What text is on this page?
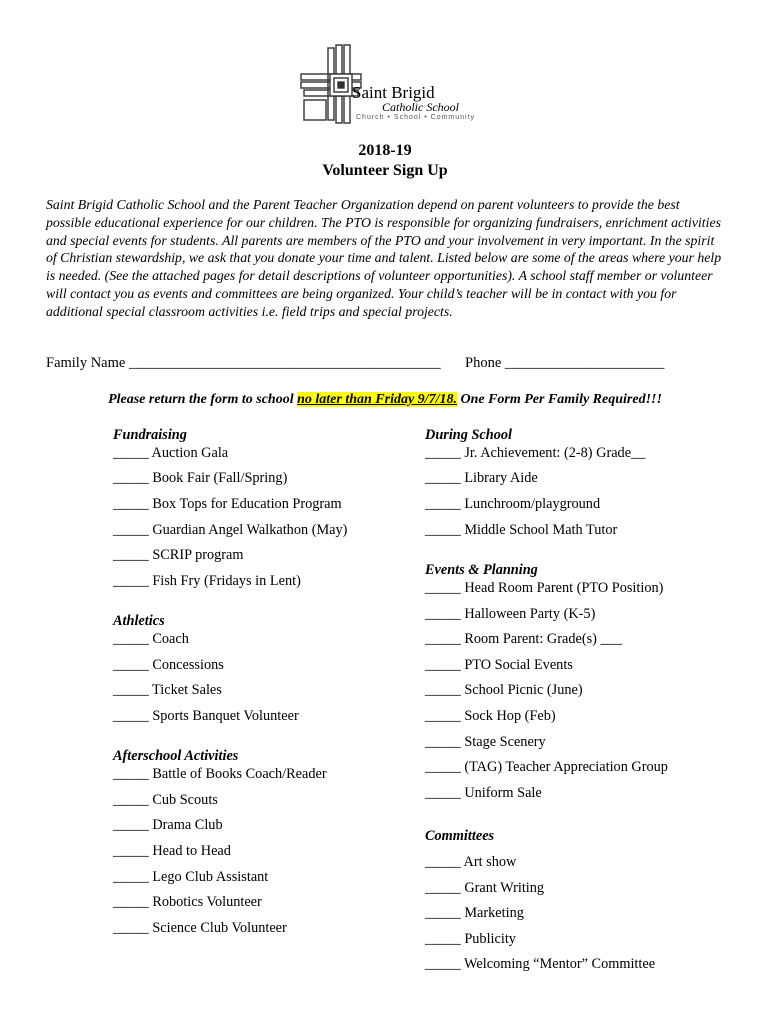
Saint Brigid
Catholic School
Church • School • Community
2018-19
Volunteer Sign Up

Saint Brigid Catholic School and the Parent Teacher Organization depend on parent volunteers to provide the best possible educational experience for our children. The PTO is responsible for organizing fundraisers, enrichment activities and special events for students. All parents are members of the PTO and your involvement in very important. In the spirit of Christian stewardship, we ask that you donate your time and talent. Listed below are some of the areas where your help is needed. (See the attached pages for detail descriptions of volunteer opportunities). A school staff member or volunteer will contact you as events and committees are being organized. Your child’s teacher will be in contact with you for additional special classroom activities i.e. field trips and special projects.

Family Name ___________________________________________ Phone ______________________
Please return the form to school no later than Friday 9/7/18. One Form Per Family Required!!!
Fundraising
_____ Auction Gala
_____ Book Fair (Fall/Spring)
_____ Box Tops for Education Program
_____ Guardian Angel Walkathon (May)
_____ SCRIP program
_____ Fish Fry (Fridays in Lent)
Athletics
_____ Coach
_____ Concessions
_____ Ticket Sales
_____ Sports Banquet Volunteer
Afterschool Activities
_____ Battle of Books Coach/Reader
_____ Cub Scouts
_____ Drama Club
_____ Head to Head
_____ Lego Club Assistant
_____ Robotics Volunteer
_____ Science Club Volunteer
During School
_____ Jr. Achievement: (2-8) Grade__
_____ Library Aide
_____ Lunchroom/playground
_____ Middle School Math Tutor
Events & Planning
_____ Head Room Parent (PTO Position)
_____ Halloween Party (K-5)
_____ Room Parent: Grade(s) ___
_____ PTO Social Events
_____ School Picnic (June)
_____ Sock Hop (Feb)
_____ Stage Scenery
_____ (TAG) Teacher Appreciation Group
_____ Uniform Sale
Committees
_____ Art show
_____ Grant Writing
_____ Marketing
_____ Publicity
_____ Welcoming “Mentor” Committee
